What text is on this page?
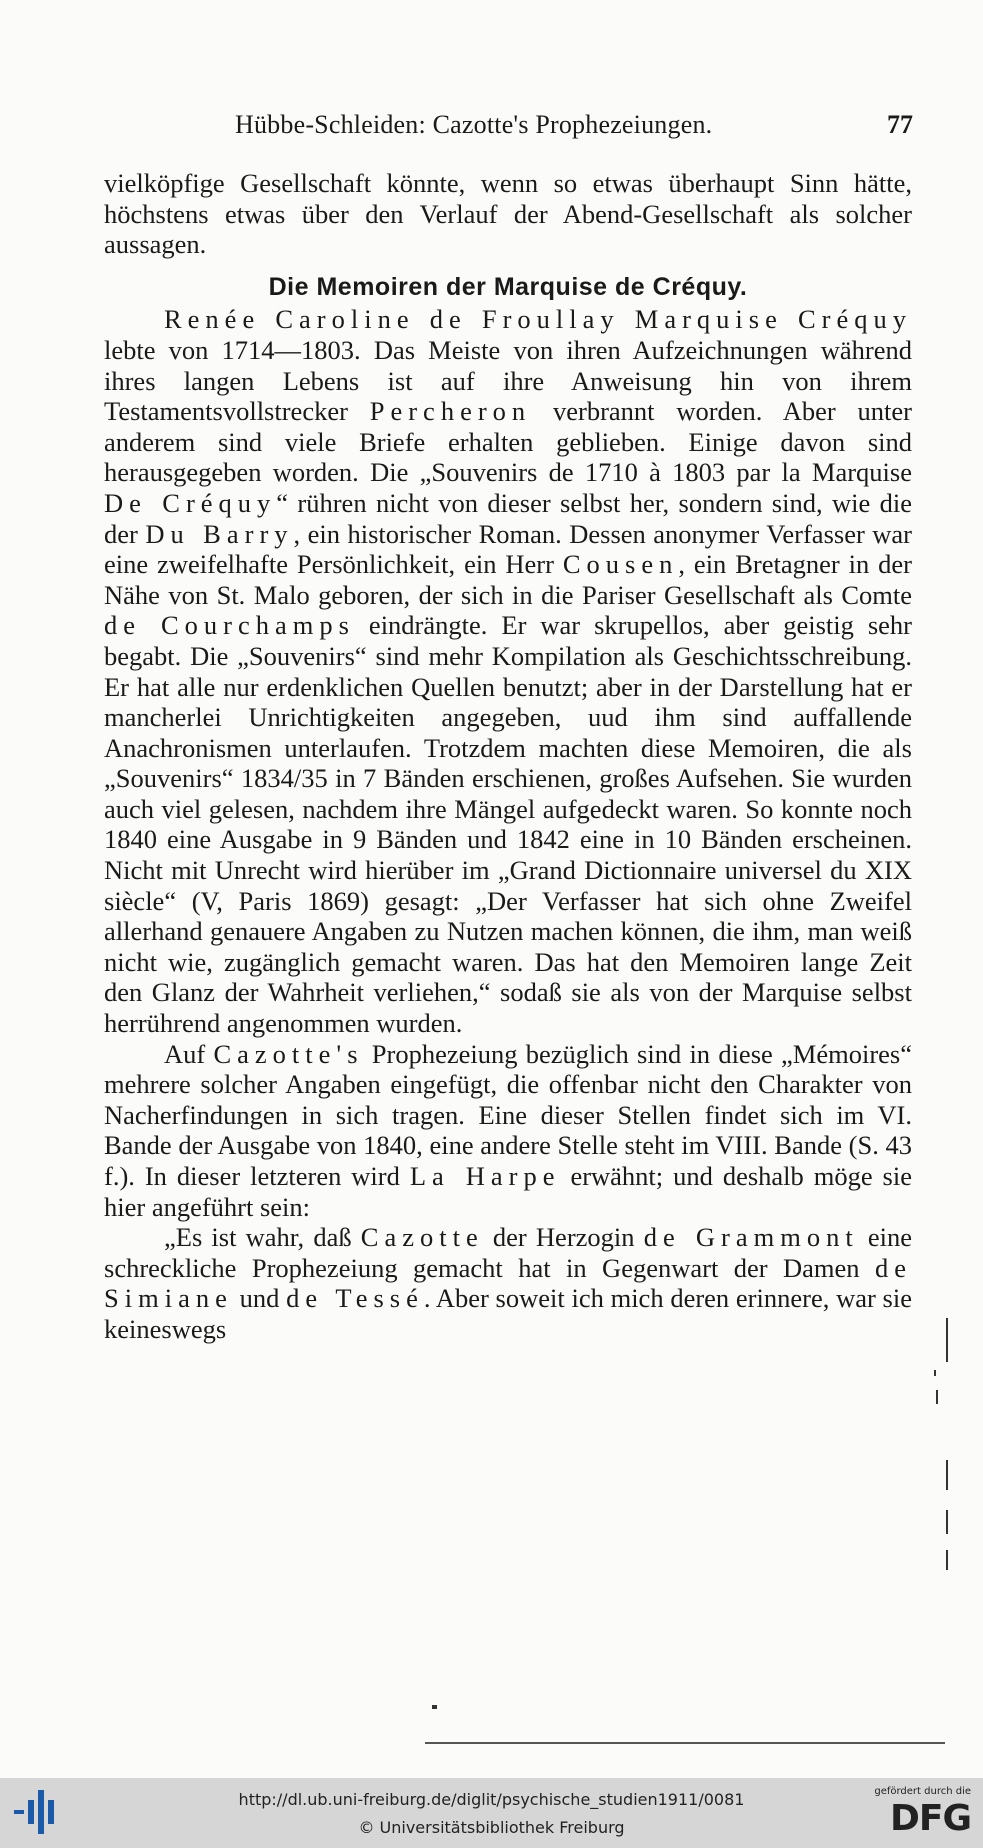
Hübbe-Schleiden: Cazotte's Prophezeiungen.	77

vielköpfige Gesellschaft könnte, wenn so etwas überhaupt Sinn hätte, höchstens etwas über den Verlauf der Abend-Gesellschaft als solcher aussagen.

Die Memoiren der Marquise de Créquy.

Renée Caroline de Froullay Marquise Créquy lebte von 1714—1803. Das Meiste von ihren Aufzeichnungen während ihres langen Lebens ist auf ihre Anweisung hin von ihrem Testamentsvollstrecker Percheron verbrannt worden. Aber unter anderem sind viele Briefe erhalten geblieben. Einige davon sind herausgegeben worden. Die „Souvenirs de 1710 à 1803 par la Marquise De Créquy“ rühren nicht von dieser selbst her, sondern sind, wie die der Du Barry, ein historischer Roman. Dessen anonymer Verfasser war eine zweifelhafte Persönlichkeit, ein Herr Cousen, ein Bretagner in der Nähe von St. Malo geboren, der sich in die Pariser Gesellschaft als Comte de Courchamps eindrängte. Er war skrupellos, aber geistig sehr begabt. Die „Souvenirs“ sind mehr Kompilation als Geschichtsschreibung. Er hat alle nur erdenklichen Quellen benutzt; aber in der Darstellung hat er mancherlei Unrichtigkeiten angegeben, uud ihm sind auffallende Anachronismen unterlaufen. Trotzdem machten diese Memoiren, die als „Souvenirs“ 1834/35 in 7 Bänden erschienen, großes Aufsehen. Sie wurden auch viel gelesen, nachdem ihre Mängel aufgedeckt waren. So konnte noch 1840 eine Ausgabe in 9 Bänden und 1842 eine in 10 Bänden erscheinen. Nicht mit Unrecht wird hierüber im „Grand Dictionnaire universel du XIX siècle“ (V, Paris 1869) gesagt: „Der Verfasser hat sich ohne Zweifel allerhand genauere Angaben zu Nutzen machen können, die ihm, man weiß nicht wie, zugänglich gemacht waren. Das hat den Memoiren lange Zeit den Glanz der Wahrheit verliehen,“ sodaß sie als von der Marquise selbst herrührend angenommen wurden.

Auf Cazotte's Prophezeiung bezüglich sind in diese „Mémoires“ mehrere solcher Angaben eingefügt, die offenbar nicht den Charakter von Nacherfindungen in sich tragen. Eine dieser Stellen findet sich im VI. Bande der Ausgabe von 1840, eine andere Stelle steht im VIII. Bande (S. 43 f.). In dieser letzteren wird La Harpe erwähnt; und deshalb möge sie hier angeführt sein:

„Es ist wahr, daß Cazotte der Herzogin de Grammont eine schreckliche Prophezeiung gemacht hat in Gegenwart der Damen de Simiane und de Tessé. Aber soweit ich mich deren erinnere, war sie keineswegs

http://dl.ub.uni-freiburg.de/diglit/psychische_studien1911/0081
© Universitätsbibliothek Freiburg
gefördert durch die
DFG
